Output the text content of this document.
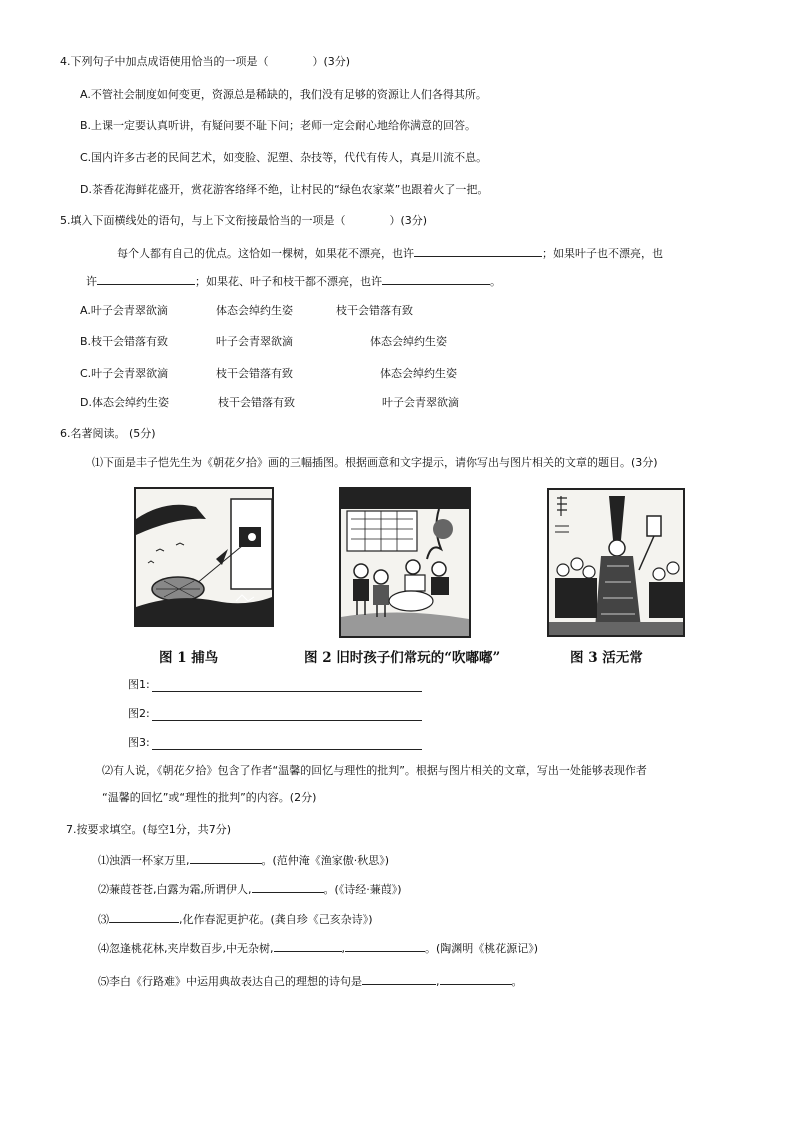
4.下列句子中加点成语使用恰当的一项是（　　　　）(3分)
A.不管社会制度如何变更，资源总是稀缺的，我们没有足够的资源让人们各得其所。
B.上课一定要认真听讲，有疑问要不耻下问；老师一定会耐心地给你满意的回答。
C.国内许多古老的民间艺术，如变脸、泥塑、杂技等，代代有传人，真是川流不息。
D.茶香花海鲜花盛开，赏花游客络绎不绝，让村民的“绿色农家菜”也跟着火了一把。
5.填入下面横线处的语句，与上下文衔接最恰当的一项是（　　　　）(3分)
每个人都有自己的优点。这恰如一棵树，如果花不漂亮，也许	；如果叶子也不漂亮，也
许	；如果花、叶子和枝干都不漂亮，也许	。
A.叶子会青翠欲滴	体态会绰约生姿	枝干会错落有致
B.枝干会错落有致	叶子会青翠欲滴	体态会绰约生姿
C.叶子会青翠欲滴	枝干会错落有致	体态会绰约生姿
D.体态会绰约生姿	枝干会错落有致	叶子会青翠欲滴
6.名著阅读。 (5分)
⑴下面是丰子恺先生为《朝花夕拾》画的三幅插图。根据画意和文字提示，请你写出与图片相关的文章的题目。(3分)
图 1 捕鸟	图 2 旧时孩子们常玩的“吹嘟嘟”	图 3 活无常
图1:
图2:
图3:
⑵有人说，《朝花夕拾》包含了作者“温馨的回忆与理性的批判”。根据与图片相关的文章，写出一处能够表现作者
“温馨的回忆”或“理性的批判”的内容。(2分)
7.按要求填空。(每空1分，共7分)
⑴浊酒一杯家万里,	。(范仲淹《渔家傲·秋思》)
⑵蒹葭苍苍,白露为霜,所谓伊人,	。(《诗经·蒹葭》)
⑶	,化作春泥更护花。(龚自珍《己亥杂诗》)
⑷忽逢桃花林,夹岸数百步,中无杂树,	,	。(陶渊明《桃花源记》)
⑸李白《行路难》中运用典故表达自己的理想的诗句是	,	。
